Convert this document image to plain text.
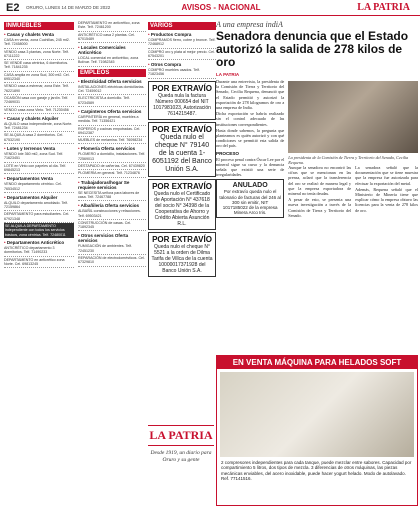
E2	ORURO, LUNES 14 DE MARZO DE 2022	AVISOS - NACIONAL	LA PATRIA
INMUEBLES
• Casas y chalets Venta
CASA en venta, zona Cuchillas, 245 mt2. Telf. 72458000
VENDO casa 3 plantas, zona Norte. Telf. 67111222
SE VENDE casa céntrica, 6 dormitorios. Telf. 71841235
CASA amplia en zona Sud, 300 mt2. Cel. 69512340
VENDO casa a estrenar, zona Este. Telf. 76221890
OCASIÓN casa con garaje y jardín. Telf. 72469031
VENDO casa zona Vinto. Telf. 71230456
• Casas y chalets Alquiler
ALQUILO casa independiente, zona Norte. Telf. 72481234
SE ALQUILA casa 2 dormitorios. Cel. 67532190
• Lotes y terrenos Venta
VENDO lote 360 mt2, zona Sud. Telf. 71623451
LOTE en Vinto con papeles al día. Telf. 69845213
• Departamentos Venta
VENDO departamento céntrico. Cel. 76534512
• Departamentos Alquiler
ALQUILO departamento amoblado. Telf. 72159864
DEPARTAMENTO para estudiantes. Cel. 67921348
SE ALQUILA DEPARTAMENTO independiente con todos los servicios básicos, zona céntrica. Telf. 72480011
• Departamentos Anticrético
ANTICRÉTICO departamento 3 dormitorios. Telf. 71490233
DEPARTAMENTO en anticrético zona Norte. Cel. 69813245
DEPARTAMENTO en anticrético, zona Este. Telf. 72461200
ANTICRÉTICO casa 2 plantas. Cel. 67015489
• Locales Comerciales Anticrético
LOCAL comercial en anticrético, zona Bolívar. Telf. 71982345
EMPLEOS
• Electricidad Oferta servicios
INSTALACIONES eléctricas domiciliarias. Cel. 72459012
ELECTRICISTA a domicilio. Telf. 67234589
• Carpinteros Oferta servicios
CARPINTERÍA en general, muebles a medida. Telf. 71356421
ROPEROS y cocinas empotradas. Cel. 69412387
MUEBLES de melamina. Telf. 76098234
• Plomería Oferta servicios
PLOMERO a domicilio, instalaciones. Telf. 72569013
DESTAPADO de cañerías. Cel. 67439820
PLOMERÍA en general. Telf. 71234876
• Trabajadoras/hogar Se requiere servicios
SE NECESITA señora para labores de casa. Telf. 72467788
• Albañilería Oferta servicios
ALBAÑIL construcciones y refacciones. Telf. 69503421
CONSTRUCCIÓN de casas. Cel. 71892345
• Otros servicios Oferta servicios
FUMIGACIÓN de ambientes. Telf. 72451230
REPARACIÓN de electrodomésticos. Cel. 67329810
VARIOS
• Productos Compra
COMPRAMOS fierro, cobre y bronce. Telf. 72468912
COMPRO oro y plata al mejor precio. Cel. 67543201
• Otros Compra
COMPRO muebles usados. Telf. 71823456
POR EXTRAVÍO
Queda nula la factura Número 000654 del NIT 1017981023, Autorización 7614215487.
POR EXTRAVÍO
Queda nulo el cheque N° 79140 de la cuenta 1-6051192 del Banco Unión S.A.
POR EXTRAVÍO
Queda nulo el Certificado de Aportación N° 437618 del socio N° 34398 de la Cooperativa de Ahorro y Crédito Abierta Asunción R.L.
POR EXTRAVÍO
Queda nulo el cheque N° 5521 a la orden de Dilma Tarifa de Villca de la cuenta 10000017371928 del Banco Unión S.A.
LA PATRIA
Desde 1919, un diario para Oruro y su gente
A una empresa indiA
Senadora denuncia que el Estado autorizó la salida de 278 kilos de oro
LA PATRIA

Durante una entrevista, la presidenta de la Comisión de Tierra y Territorio del Senado, Cecilia Requena, denunció que el Estado permitió y autorizó la exportación de 278 kilogramos de oro a una empresa de India.

Dicha exportación se habría realizado sin el control adecuado de las instituciones correspondientes.

Hasta donde sabemos, la pregunta que planteamos es quién autorizó y con qué condiciones se permitió esta salida de oro del país.

PROCESO

El proceso penal contra Óscar Lee por el mineral sigue su curso y la denuncia señala que existió una serie de irregularidades.

ANULADO
Por extravío queda nulo el talonario de facturas del 246 al 300 sin emitir, NIT 1017185022 de la empresa Minera Arco Iris.
La presidenta de la Comisión de Tierra y Territorio del Senado, Cecilia Requena.

Aunque la senadora no encontró las cifras que se mencionan en las prensa, aclaró que la transferencia del oro se realizó de manera legal y que la empresa exportadora de mineral no tenía deudas.

A pesar de esto, se presenta una nueva investigación a través de la Comisión de Tierra y Territorio del Senado.

La senadora señaló que la documentación que se tiene muestra que la empresa fue autorizada para efectuar la exportación del metal.

Además, Requena señaló que el Ministerio de Minería tiene que explicar cómo la empresa obtuvo las licencias para la venta de 278 kilos de oro.

EN VENTA MÁQUINA PARA HELADOS SOFT
2 compresores independientes para cada tanque, puede mezclar entre sabores. Capacidad por compartimiento 5 litros, dos tipos de mezcla. 3 diferencias de otros máquinas, las piezas mecánicas enviables, del acero inoxidable, puede hacer yogurt helado. Modo de autolavado. Ref. 77141516.
